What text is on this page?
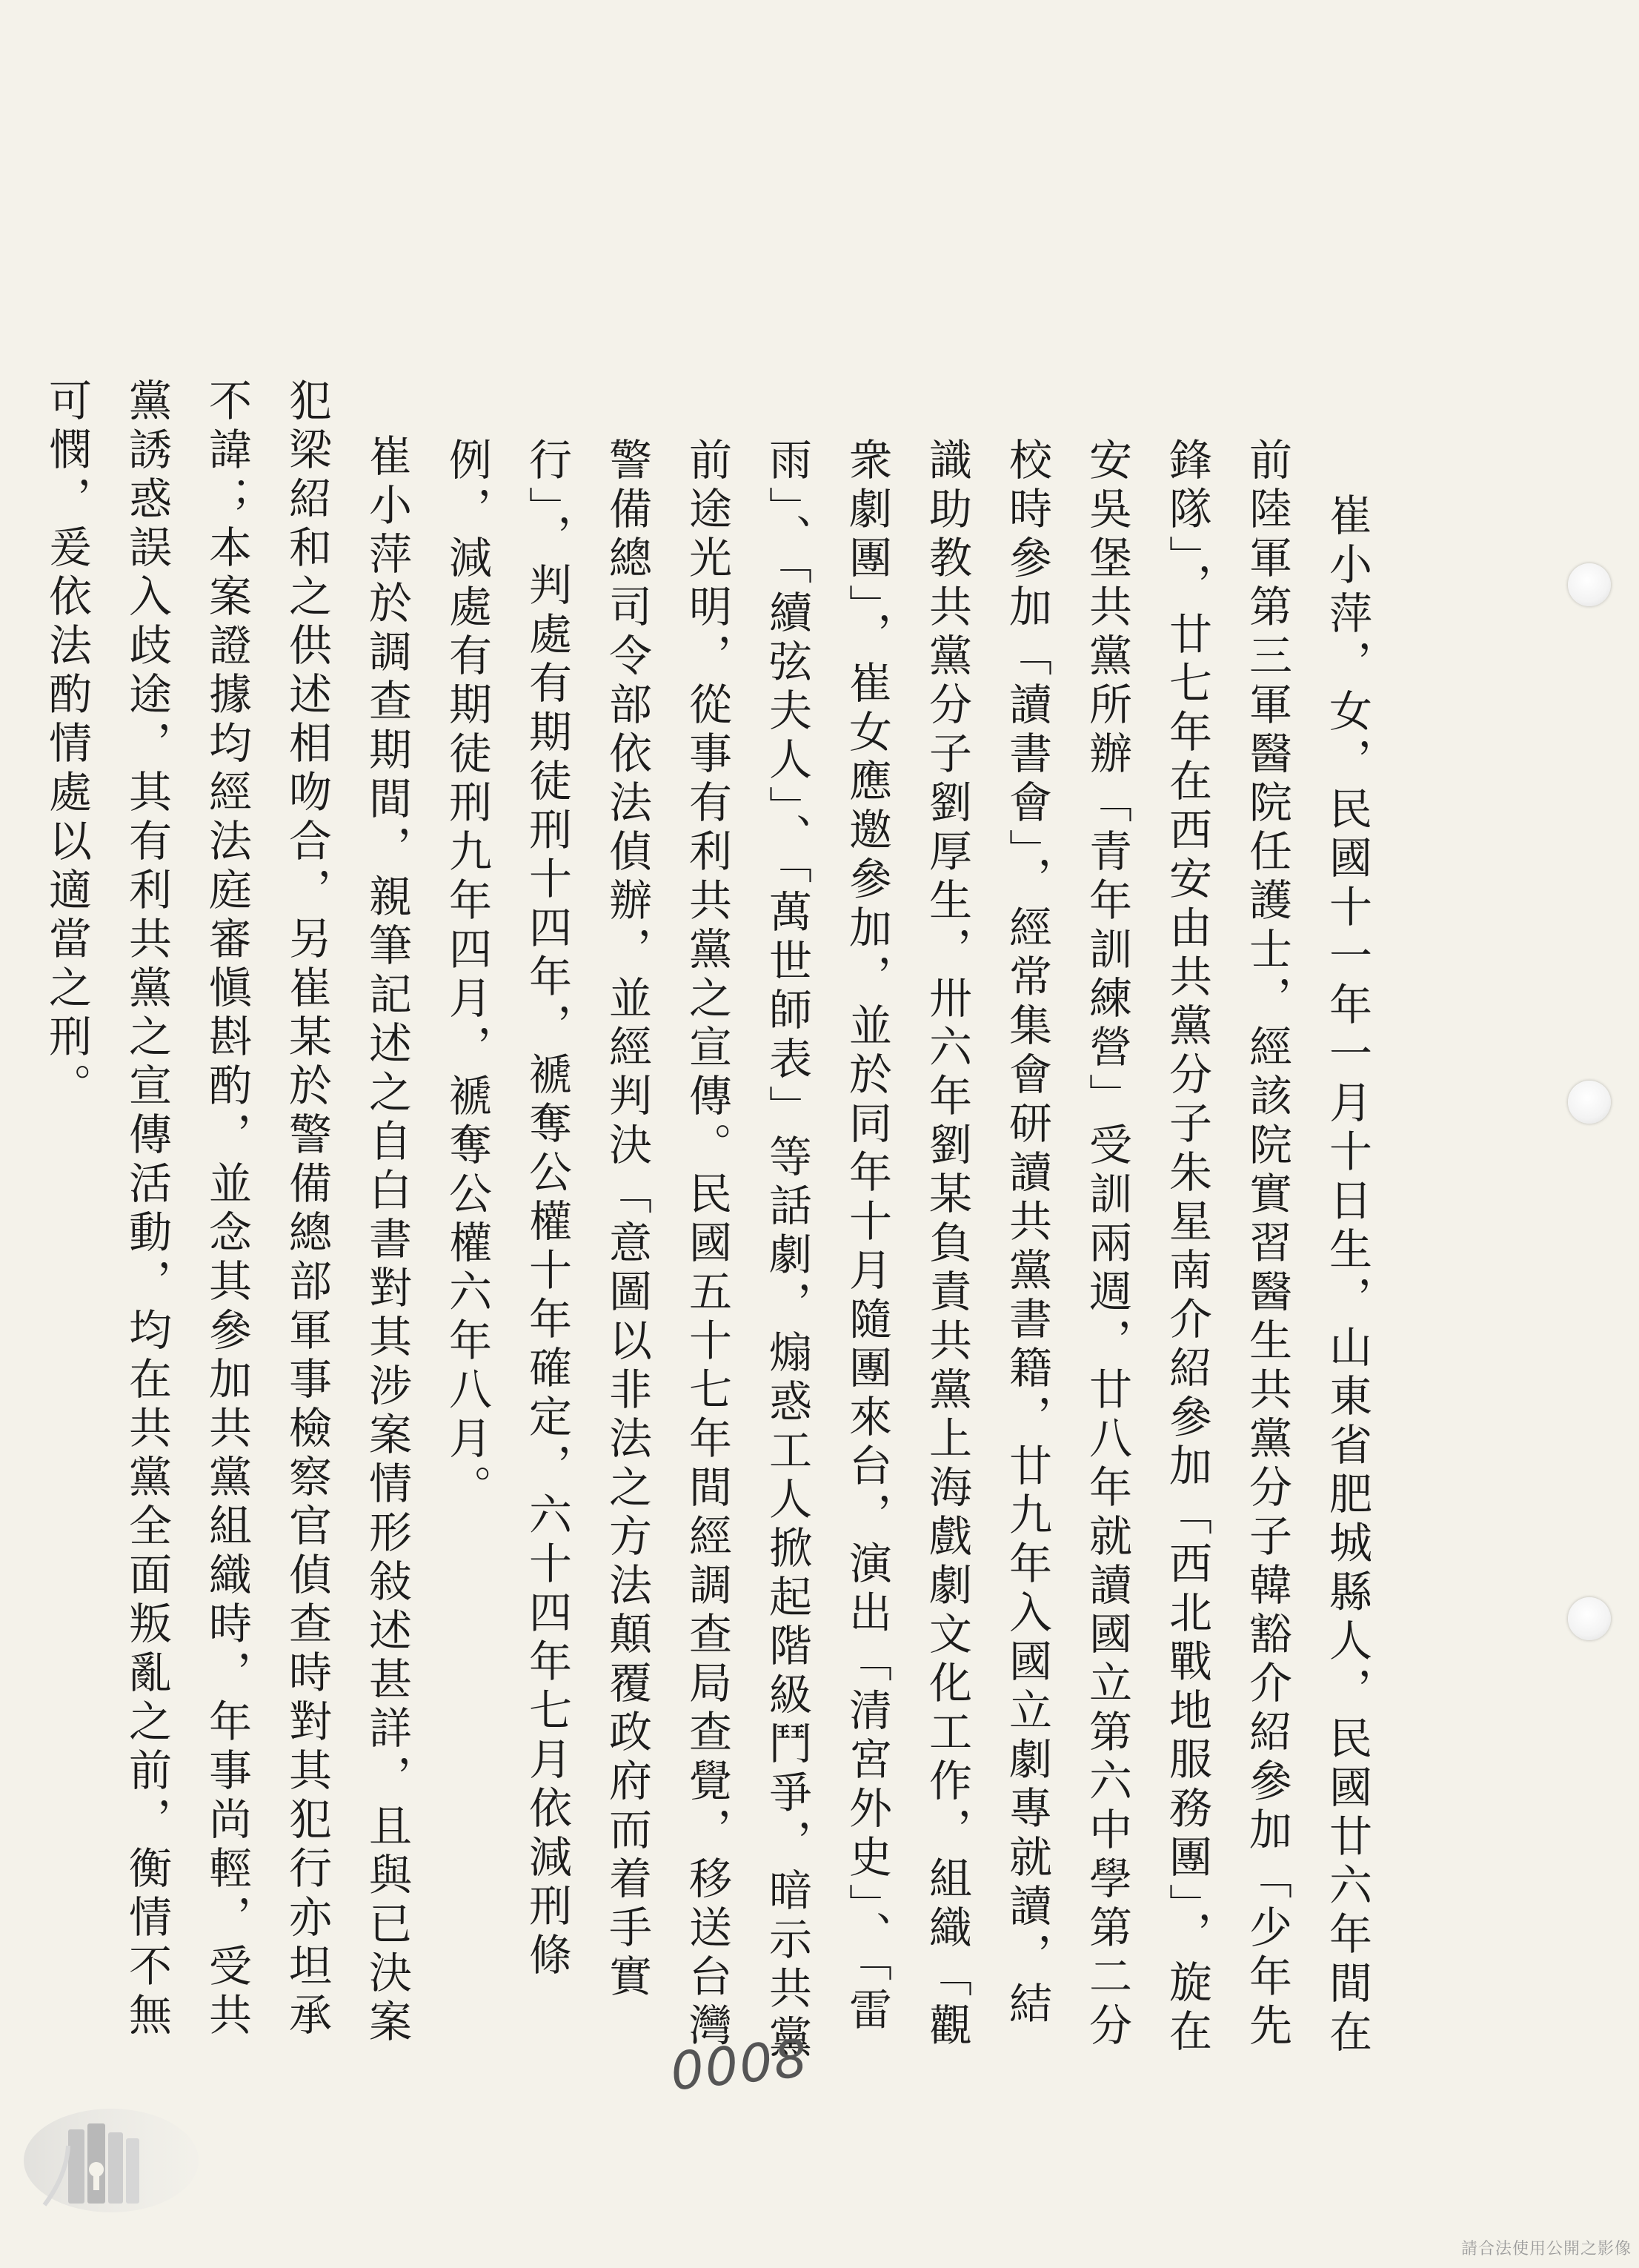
崔小萍，女，民國十一年一月十日生，山東省肥城縣人，民國廿六年間在前陸軍第三軍醫院任護士，經該院實習醫生共黨分子韓豁介紹參加「少年先鋒隊」，廿七年在西安由共黨分子朱星南介紹參加「西北戰地服務團」，旋在安吳堡共黨所辦「青年訓練營」受訓兩週，廿八年就讀國立第六中學第二分校時參加「讀書會」，經常集會研讀共黨書籍，廿九年入國立劇專就讀，結識助教共黨分子劉厚生，卅六年劉某負責共黨上海戲劇文化工作，組織「觀衆劇團」，崔女應邀參加，並於同年十月隨團來台，演出「清宮外史」、「雷雨」、「續弦夫人」、「萬世師表」等話劇，煽惑工人掀起階級鬥爭，暗示共黨前途光明，從事有利共黨之宣傳。民國五十七年間經調查局查覺，移送台灣警備總司令部依法偵辦，並經判決「意圖以非法之方法顛覆政府而着手實行」，判處有期徒刑十四年，褫奪公權十年確定，六十四年七月依減刑條例，減處有期徒刑九年四月，褫奪公權六年八月。

崔小萍於調查期間，親筆記述之自白書對其涉案情形敍述甚詳，且與已決案犯梁紹和之供述相吻合，另崔某於警備總部軍事檢察官偵查時對其犯行亦坦承不諱；本案證據均經法庭審愼斟酌，並念其參加共黨組織時，年事尚輕，受共黨誘惑誤入歧途，其有利共黨之宣傳活動，均在共黨全面叛亂之前，衡情不無可憫，爰依法酌情處以適當之刑。

0008
請合法使用公開之影像
